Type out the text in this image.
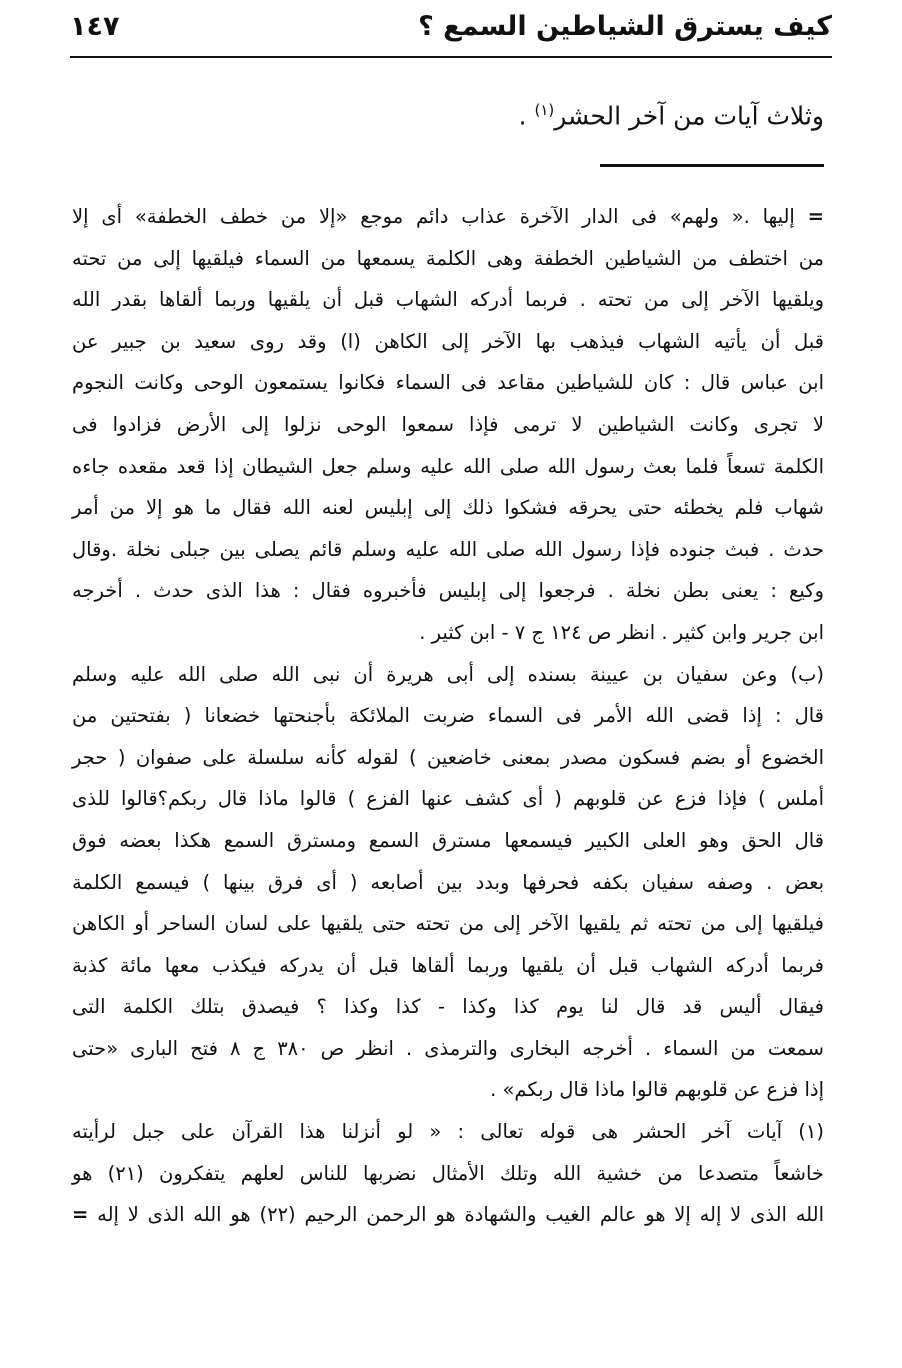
كيف يسترق الشياطين السمع ؟
١٤٧
وثلاث آيات من آخر الحشر$^{(١)}$ .

= إليها .« ولهم» فى الدار الآخرة عذاب دائم موجع «إلا من خطف الخطفة» أى إلا

من اختطف من الشياطين الخطفة وهى الكلمة يسمعها من السماء فيلقيها إلى من تحته

ويلقيها الآخر إلى من تحته . فربما أدركه الشهاب قبل أن يلقيها وربما ألقاها بقدر الله

قبل أن يأتيه الشهاب فيذهب بها الآخر إلى الكاهن (ا) وقد روى سعيد بن جبير عن

ابن عباس قال : كان للشياطين مقاعد فى السماء فكانوا يستمعون الوحى وكانت النجوم

لا تجرى وكانت الشياطين لا ترمى فإذا سمعوا الوحى نزلوا إلى الأرض فزادوا فى

الكلمة تسعاً فلما بعث رسول الله صلى الله عليه وسلم جعل الشيطان إذا قعد مقعده جاءه

شهاب فلم يخطئه حتى يحرقه فشكوا ذلك إلى إبليس لعنه الله فقال ما هو إلا من أمر

حدث . فبث جنوده فإذا رسول الله صلى الله عليه وسلم قائم يصلى بين جبلى نخلة .وقال

وكيع : يعنى بطن نخلة . فرجعوا إلى إبليس فأخبروه فقال : هذا الذى حدث . أخرجه

ابن جرير وابن كثير . انظر ص ١٢٤ ج ٧ - ابن كثير .

(ب) وعن سفيان بن عيينة بسنده إلى أبى هريرة أن نبى الله صلى الله عليه وسلم

قال : إذا قضى الله الأمر فى السماء ضربت الملائكة بأجنحتها خضعانا ( بفتحتين من

الخضوع أو بضم فسكون مصدر بمعنى خاضعين ) لقوله كأنه سلسلة على صفوان ( حجر

أملس ) فإذا فزع عن قلوبهم ( أى كشف عنها الفزع ) قالوا ماذا قال ربكم؟قالوا للذى

قال الحق وهو العلى الكبير فيسمعها مسترق السمع ومسترق السمع هكذا بعضه فوق

بعض . وصفه سفيان بكفه فحرفها وبدد بين أصابعه ( أى فرق بينها ) فيسمع الكلمة

فيلقيها إلى من تحته ثم يلقيها الآخر إلى من تحته حتى يلقيها على لسان الساحر أو الكاهن

فربما أدركه الشهاب قبل أن يلقيها وربما ألقاها قبل أن يدركه فيكذب معها مائة كذبة

فيقال أليس قد قال لنا يوم كذا وكذا - كذا وكذا ؟ فيصدق بتلك الكلمة التى

سمعت من السماء . أخرجه البخارى والترمذى . انظر ص ٣٨٠ ج ٨ فتح البارى «حتى

إذا فزع عن قلوبهم قالوا ماذا قال ربكم» .

(١) آيات آخر الحشر هى قوله تعالى : « لو أنزلنا هذا القرآن على جبل لرأيته

خاشعاً متصدعا من خشية الله وتلك الأمثال نضربها للناس لعلهم يتفكرون (٢١) هو

الله الذى لا إله إلا هو عالم الغيب والشهادة هو الرحمن الرحيم (٢٢) هو الله الذى لا إله =
